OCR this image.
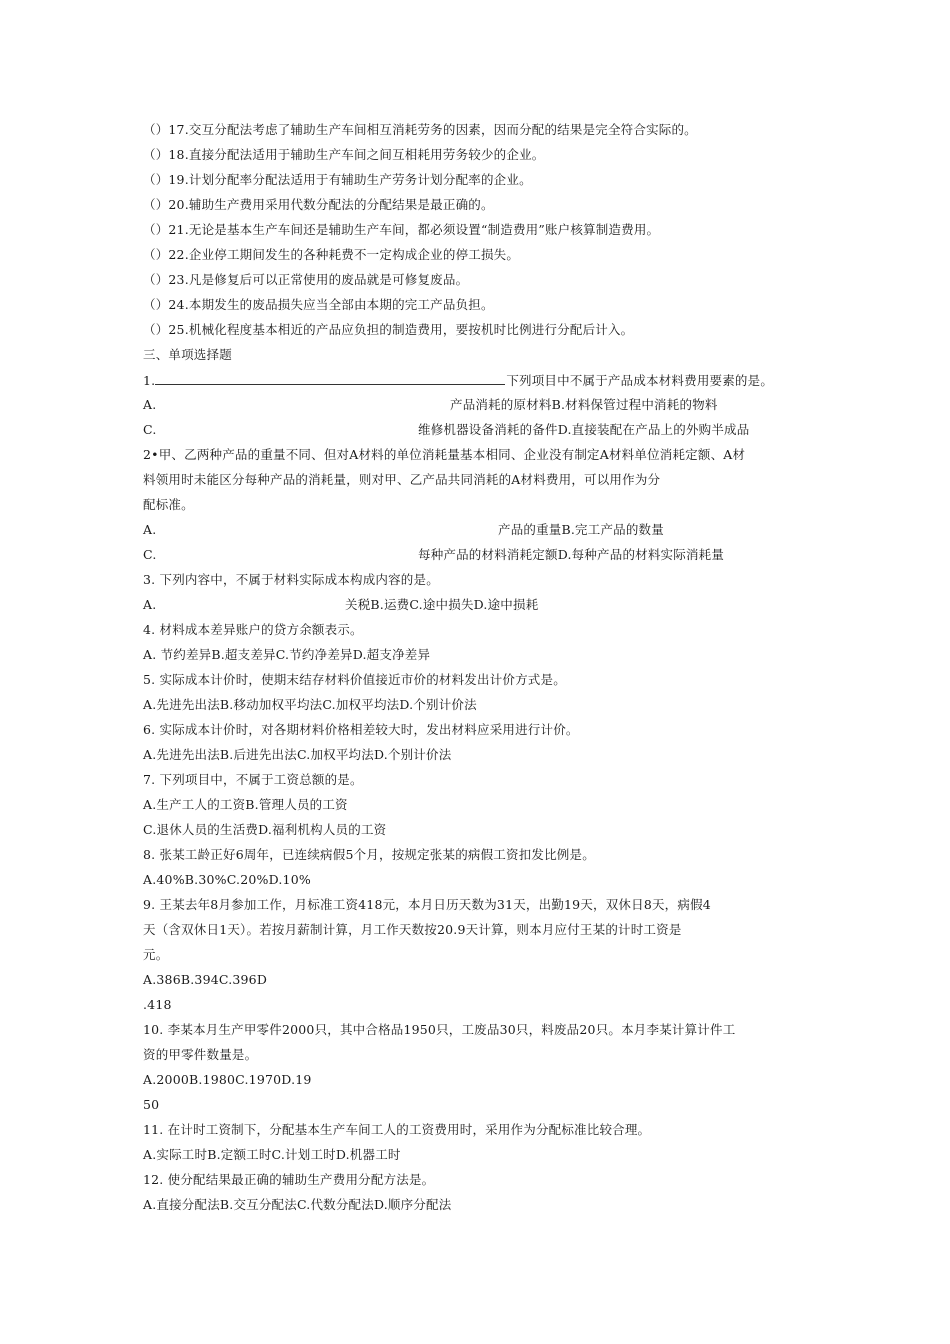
（）17.交互分配法考虑了辅助生产车间相互消耗劳务的因素，因而分配的结果是完全符合实际的。
（）18.直接分配法适用于辅助生产车间之间互相耗用劳务较少的企业。
（）19.计划分配率分配法适用于有辅助生产劳务计划分配率的企业。
（）20.辅助生产费用采用代数分配法的分配结果是最正确的。
（）21.无论是基本生产车间还是辅助生产车间，都必须设置“制造费用”账户核算制造费用。
（）22.企业停工期间发生的各种耗费不一定构成企业的停工损失。
（）23.凡是修复后可以正常使用的废品就是可修复废品。
（）24.本期发生的废品损失应当全部由本期的完工产品负担。
（）25.机械化程度基本相近的产品应负担的制造费用，要按机时比例进行分配后计入。
三、单项选择题
1.	下列项目中不属于产品成本材料费用要素的是。
A.	产品消耗的原材料B.材料保管过程中消耗的物料
C.	维修机器设备消耗的备件D.直接装配在产品上的外购半成品
2•甲、乙两种产品的重量不同、但对A材料的单位消耗量基本相同、企业没有制定A材料单位消耗定额、A材
料领用时未能区分每种产品的消耗量，则对甲、乙产品共同消耗的A材料费用，可以用作为分
配标准。
A.	产品的重量B.完工产品的数量
C.	每种产品的材料消耗定额D.每种产品的材料实际消耗量
3. 下列内容中，不属于材料实际成本构成内容的是。
A.	关税B.运费C.途中损失D.途中损耗
4. 材料成本差异账户的贷方余额表示。
A. 节约差异B.超支差异C.节约净差异D.超支净差异
5. 实际成本计价时，使期末结存材料价值接近市价的材料发出计价方式是。
A.先进先出法B.移动加权平均法C.加权平均法D.个别计价法
6. 实际成本计价时，对各期材料价格相差较大时，发出材料应采用进行计价。
A.先进先出法B.后进先出法C.加权平均法D.个别计价法
7. 下列项目中，不属于工资总额的是。
A.生产工人的工资B.管理人员的工资
C.退休人员的生活费D.福利机构人员的工资
8. 张某工龄正好6周年，已连续病假5个月，按规定张某的病假工资扣发比例是。
A.40%B.30%C.20%D.10%
9. 王某去年8月参加工作，月标准工资418元，本月日历天数为31天，出勤19天，双休日8天，病假4
天（含双休日1天）。若按月薪制计算，月工作天数按20.9天计算，则本月应付王某的计时工资是
元。
A.386B.394C.396D
.418
10. 李某本月生产甲零件2000只，其中合格品1950只，工废品30只，料废品20只。本月李某计算计件工
资的甲零件数量是。
A.2000B.1980C.1970D.19
50
11. 在计时工资制下，分配基本生产车间工人的工资费用时，采用作为分配标准比较合理。
A.实际工时B.定额工时C.计划工时D.机器工时
12. 使分配结果最正确的辅助生产费用分配方法是。
A.直接分配法B.交互分配法C.代数分配法D.顺序分配法
